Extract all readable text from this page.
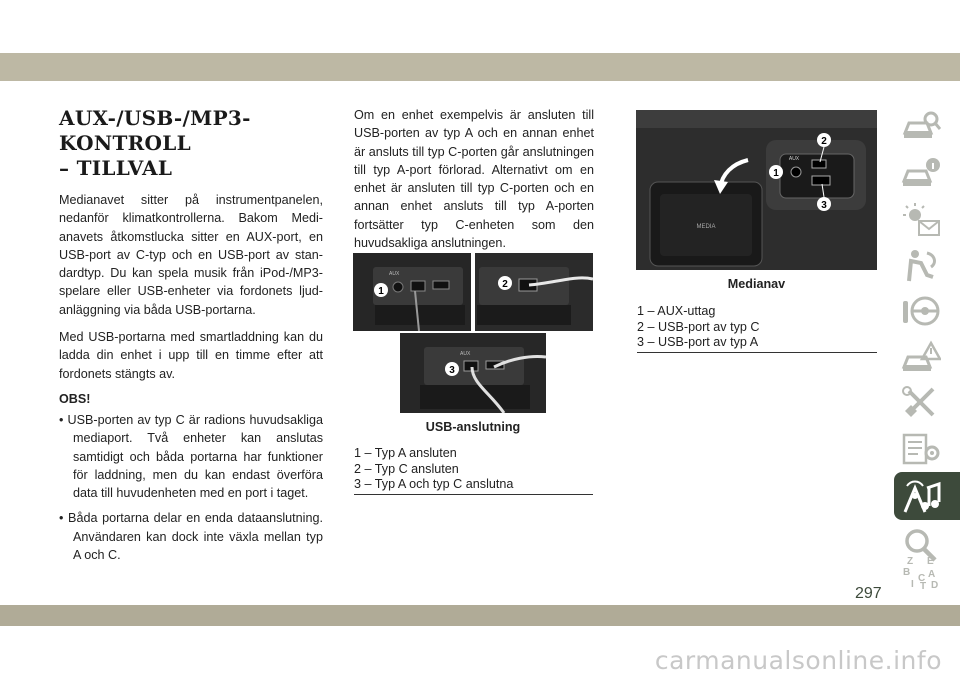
AUX-/USB-/MP3-KONTROLL
– TILLVAL

Medianavet sitter på instrumentpanelen, nedanför klimatkontrollerna. Bakom Medianavets åtkomstlucka sitter en AUX-port, en USB-port av C-typ och en USB-port av standardtyp. Du kan spela musik från iPod-/MP3-spelare eller USB-enheter via fordonets ljudanläggning via båda USB-portarna.

Med USB-portarna med smartladdning kan du ladda din enhet i upp till en timme efter att fordonets stängts av.

OBS!

• USB-porten av typ C är radions huvudsakliga mediaport. Två enheter kan anslutas samtidigt och båda portarna har funktioner för laddning, men du kan endast överföra data till huvudenheten med en port i taget.

• Båda portarna delar en enda dataanslutning. Användaren kan dock inte växla mellan typ A och C.

Om en enhet exempelvis är ansluten till USB-porten av typ A och en annan enhet är ansluts till typ C-porten går anslutningen till typ A-port förlorad. Alternativt om en enhet är ansluten till typ C-porten och en annan enhet ansluts till typ A-porten fortsätter typ C-enheten som den huvudsakliga anslutningen.

1
AUX
2
3
AUX
USB-anslutning
1 – Typ A ansluten
2 – Typ C ansluten
3 – Typ A och typ C anslutna
MEDIA
AUX
1
2
3
Medianav
1 – AUX-uttag
2 – USB-port av typ C
3 – USB-port av typ A
Z E
B A
I
C
T D
297
carmanualsonline.info
